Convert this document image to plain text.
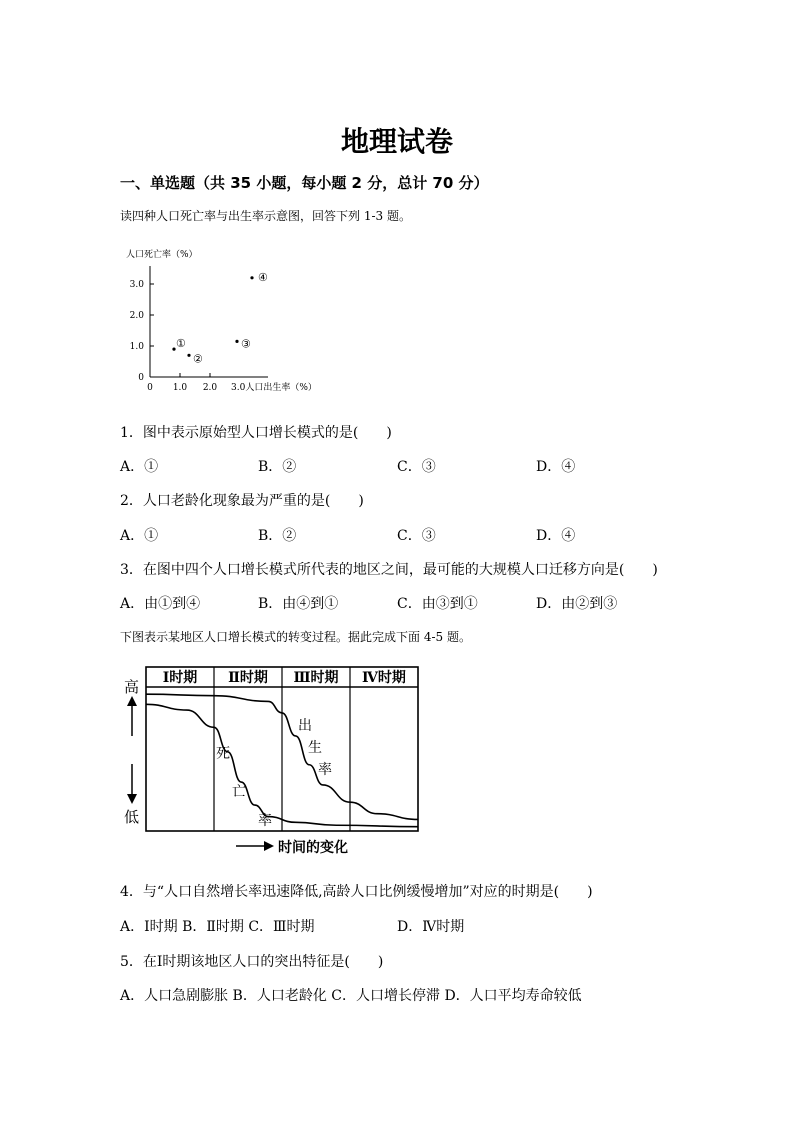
地理试卷
一、单选题（共 35 小题，每小题 2 分，总计 70 分）
读四种人口死亡率与出生率示意图，回答下列 1-3 题。
人口死亡率（%）
0
1.0
2.0
3.0
0 1.0 2.0 3.0人口出生率（%）
①
②
③
④
1．图中表示原始型人口增长模式的是(　　)
A．①	B．②	C．③	D．④
2．人口老龄化现象最为严重的是(　　)
A．①	B．②	C．③	D．④
3．在图中四个人口增长模式所代表的地区之间，最可能的大规模人口迁移方向是(　　)
A．由①到④	B．由④到①	C．由③到①	D．由②到③
下图表示某地区人口增长模式的转变过程。据此完成下面 4-5 题。
Ⅰ时期 Ⅱ时期 Ⅲ时期 Ⅳ时期
高
低
出
生
率
死
亡
率
时间的变化
4．与“人口自然增长率迅速降低,高龄人口比例缓慢增加”对应的时期是(　　)
A．Ⅰ时期 B．Ⅱ时期 C．Ⅲ时期	D．Ⅳ时期
5．在Ⅰ时期该地区人口的突出特征是(　　)
A．人口急剧膨胀 B．人口老龄化 C．人口增长停滞 D．人口平均寿命较低
